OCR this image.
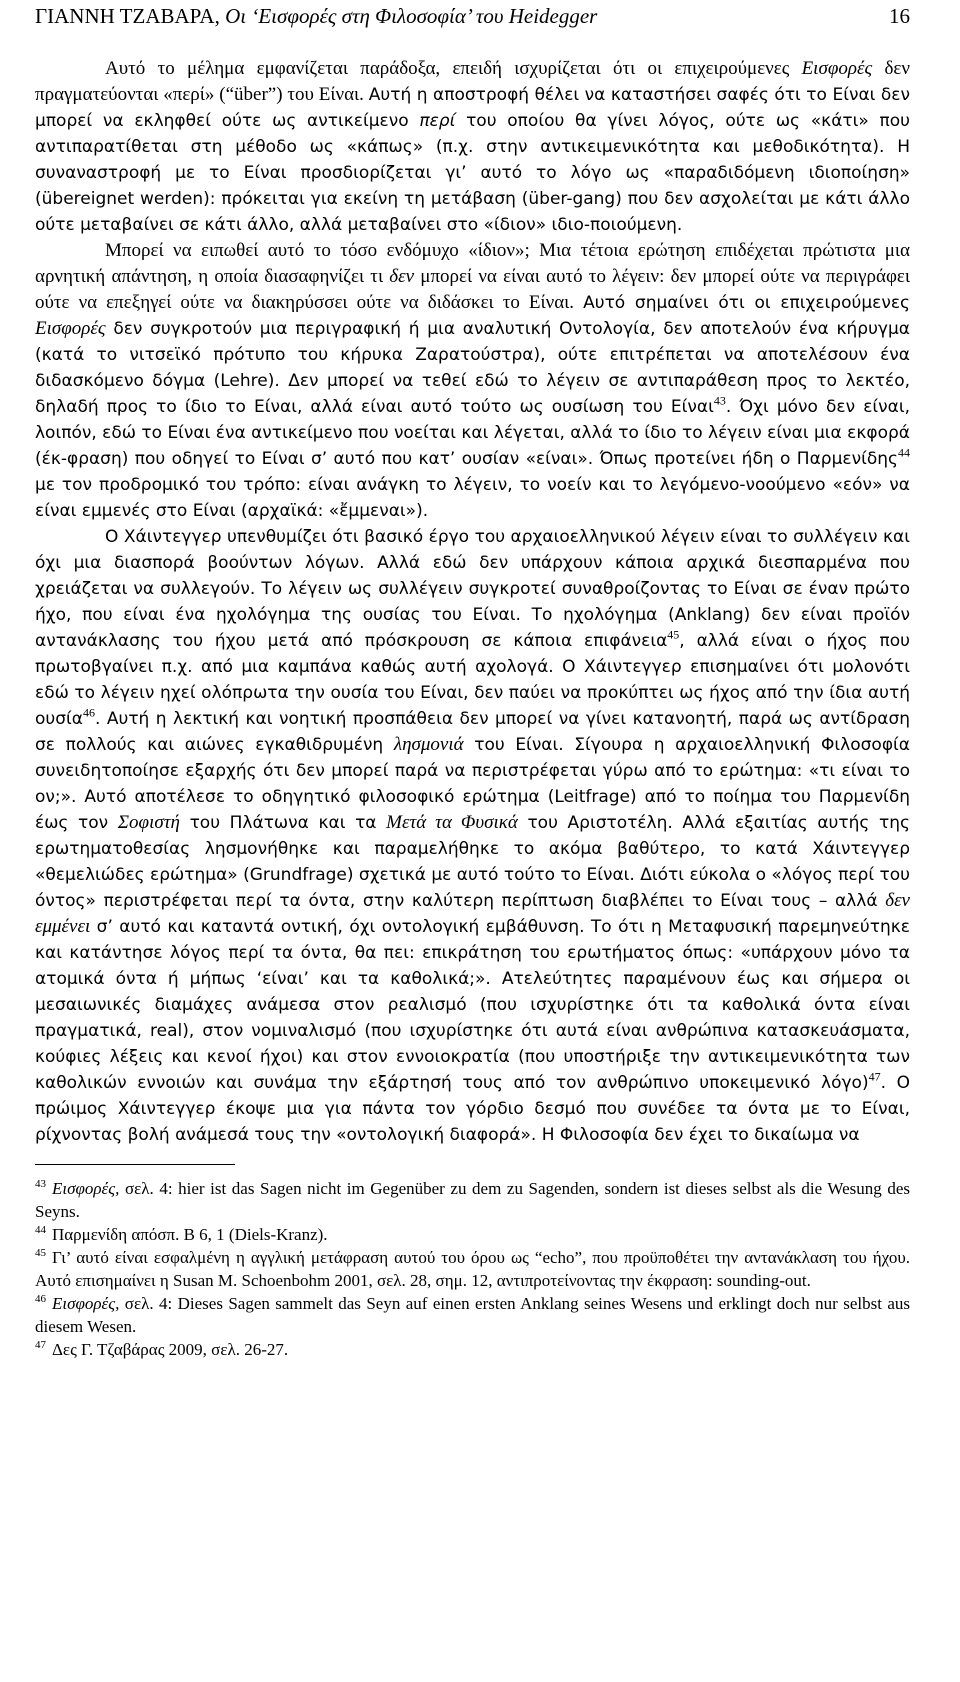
ΓΙΑΝΝΗ ΤΖΑΒΑΡΑ, Οι ‘Εισφορές στη Φιλοσοφία’ του Heidegger	16

Αυτό το μέλημα εμφανίζεται παράδοξα, επειδή ισχυρίζεται ότι οι επιχειρούμενες Εισφορές δεν πραγματεύονται «περί» (“über”) του Είναι. Αυτή η αποστροφή θέλει να καταστήσει σαφές ότι το Είναι δεν μπορεί να εκληφθεί ούτε ως αντικείμενο περί του οποίου θα γίνει λόγος, ούτε ως «κάτι» που αντιπαρατίθεται στη μέθοδο ως «κάπως» (π.χ. στην αντικειμενικότητα και μεθοδικότητα). Η συναναστροφή με το Είναι προσδιορίζεται γι’ αυτό το λόγο ως «παραδιδόμενη ιδιοποίηση» (übereignet werden): πρόκειται για εκείνη τη μετάβαση (über-gang) που δεν ασχολείται με κάτι άλλο ούτε μεταβαίνει σε κάτι άλλο, αλλά μεταβαίνει στο «ίδιον» ιδιο-ποιούμενη.

Μπορεί να ειπωθεί αυτό το τόσο ενδόμυχο «ίδιον»; Μια τέτοια ερώτηση επιδέχεται πρώτιστα μια αρνητική απάντηση, η οποία διασαφηνίζει τι δεν μπορεί να είναι αυτό το λέγειν: δεν μπορεί ούτε να περιγράφει ούτε να επεξηγεί ούτε να διακηρύσσει ούτε να διδάσκει το Είναι. Αυτό σημαίνει ότι οι επιχειρούμενες Εισφορές δεν συγκροτούν μια περιγραφική ή μια αναλυτική Οντολογία, δεν αποτελούν ένα κήρυγμα (κατά το νιτσεϊκό πρότυπο του κήρυκα Ζαρατούστρα), ούτε επιτρέπεται να αποτελέσουν ένα διδασκόμενο δόγμα (Lehre). Δεν μπορεί να τεθεί εδώ το λέγειν σε αντιπαράθεση προς το λεκτέο, δηλαδή προς το ίδιο το Είναι, αλλά είναι αυτό τούτο ως ουσίωση του Είναι$^{43}$. Όχι μόνο δεν είναι, λοιπόν, εδώ το Είναι ένα αντικείμενο που νοείται και λέγεται, αλλά το ίδιο το λέγειν είναι μια εκφορά (έκ-φραση) που οδηγεί το Είναι σ’ αυτό που κατ’ ουσίαν «είναι». Όπως προτείνει ήδη ο Παρμενίδης$^{44}$ με τον προδρομικό του τρόπο: είναι ανάγκη το λέγειν, το νοείν και το λεγόμενο-νοούμενο «εόν» να είναι εμμενές στο Είναι (αρχαϊκά: «ἔμμεναι»).

Ο Χάιντεγγερ υπενθυμίζει ότι βασικό έργο του αρχαιοελληνικού λέγειν είναι το συλλέγειν και όχι μια διασπορά βοούντων λόγων. Αλλά εδώ δεν υπάρχουν κάποια αρχικά διεσπαρμένα που χρειάζεται να συλλεγούν. Το λέγειν ως συλλέγειν συγκροτεί συναθροίζοντας το Είναι σε έναν πρώτο ήχο, που είναι ένα ηχολόγημα της ουσίας του Είναι. Το ηχολόγημα (Anklang) δεν είναι προϊόν αντανάκλασης του ήχου μετά από πρόσκρουση σε κάποια επιφάνεια$^{45}$, αλλά είναι ο ήχος που πρωτοβγαίνει π.χ. από μια καμπάνα καθώς αυτή αχολογά. Ο Χάιντεγγερ επισημαίνει ότι μολονότι εδώ το λέγειν ηχεί ολόπρωτα την ουσία του Είναι, δεν παύει να προκύπτει ως ήχος από την ίδια αυτή ουσία$^{46}$. Αυτή η λεκτική και νοητική προσπάθεια δεν μπορεί να γίνει κατανοητή, παρά ως αντίδραση σε πολλούς και αιώνες εγκαθιδρυμένη λησμονιά του Είναι. Σίγουρα η αρχαιοελληνική Φιλοσοφία συνειδητοποίησε εξαρχής ότι δεν μπορεί παρά να περιστρέφεται γύρω από το ερώτημα: «τι είναι το ον;». Αυτό αποτέλεσε το οδηγητικό φιλοσοφικό ερώτημα (Leitfrage) από το ποίημα του Παρμενίδη έως τον Σοφιστή του Πλάτωνα και τα Μετά τα Φυσικά του Αριστοτέλη. Αλλά εξαιτίας αυτής της ερωτηματοθεσίας λησμονήθηκε και παραμελήθηκε το ακόμα βαθύτερο, το κατά Χάιντεγγερ «θεμελιώδες ερώτημα» (Grundfrage) σχετικά με αυτό τούτο το Είναι. Διότι εύκολα ο «λόγος περί του όντος» περιστρέφεται περί τα όντα, στην καλύτερη περίπτωση διαβλέπει το Είναι τους – αλλά δεν εμμένει σ’ αυτό και καταντά οντική, όχι οντολογική εμβάθυνση. Το ότι η Μεταφυσική παρεμηνεύτηκε και κατάντησε λόγος περί τα όντα, θα πει: επικράτηση του ερωτήματος όπως: «υπάρχουν μόνο τα ατομικά όντα ή μήπως ‘είναι’ και τα καθολικά;». Ατελεύτητες παραμένουν έως και σήμερα οι μεσαιωνικές διαμάχες ανάμεσα στον ρεαλισμό (που ισχυρίστηκε ότι τα καθολικά όντα είναι πραγματικά, real), στον νομιναλισμό (που ισχυρίστηκε ότι αυτά είναι ανθρώπινα κατασκευάσματα, κούφιες λέξεις και κενοί ήχοι) και στον εννοιοκρατία (που υποστήριξε την αντικειμενικότητα των καθολικών εννοιών και συνάμα την εξάρτησή τους από τον ανθρώπινο υποκειμενικό λόγο)$^{47}$. Ο πρώιμος Χάιντεγγερ έκοψε μια για πάντα τον γόρδιο δεσμό που συνέδεε τα όντα με το Είναι, ρίχνοντας βολή ανάμεσά τους την «οντολογική διαφορά». Η Φιλοσοφία δεν έχει το δικαίωμα να

$^{43}$ Εισφορές, σελ. 4: hier ist das Sagen nicht im Gegenüber zu dem zu Sagenden, sondern ist dieses selbst als die Wesung des Seyns.

$^{44}$ Παρμενίδη απόσπ. Β 6, 1 (Diels-Kranz).

$^{45}$ Γι’ αυτό είναι εσφαλμένη η αγγλική μετάφραση αυτού του όρου ως “echo”, που προϋποθέτει την αντανάκλαση του ήχου. Αυτό επισημαίνει η Susan M. Schoenbohm 2001, σελ. 28, σημ. 12, αντιπροτείνοντας την έκφραση: sounding-out.

$^{46}$ Εισφορές, σελ. 4: Dieses Sagen sammelt das Seyn auf einen ersten Anklang seines Wesens und erklingt doch nur selbst aus diesem Wesen.

$^{47}$ Δες Γ. Τζαβάρας 2009, σελ. 26-27.
